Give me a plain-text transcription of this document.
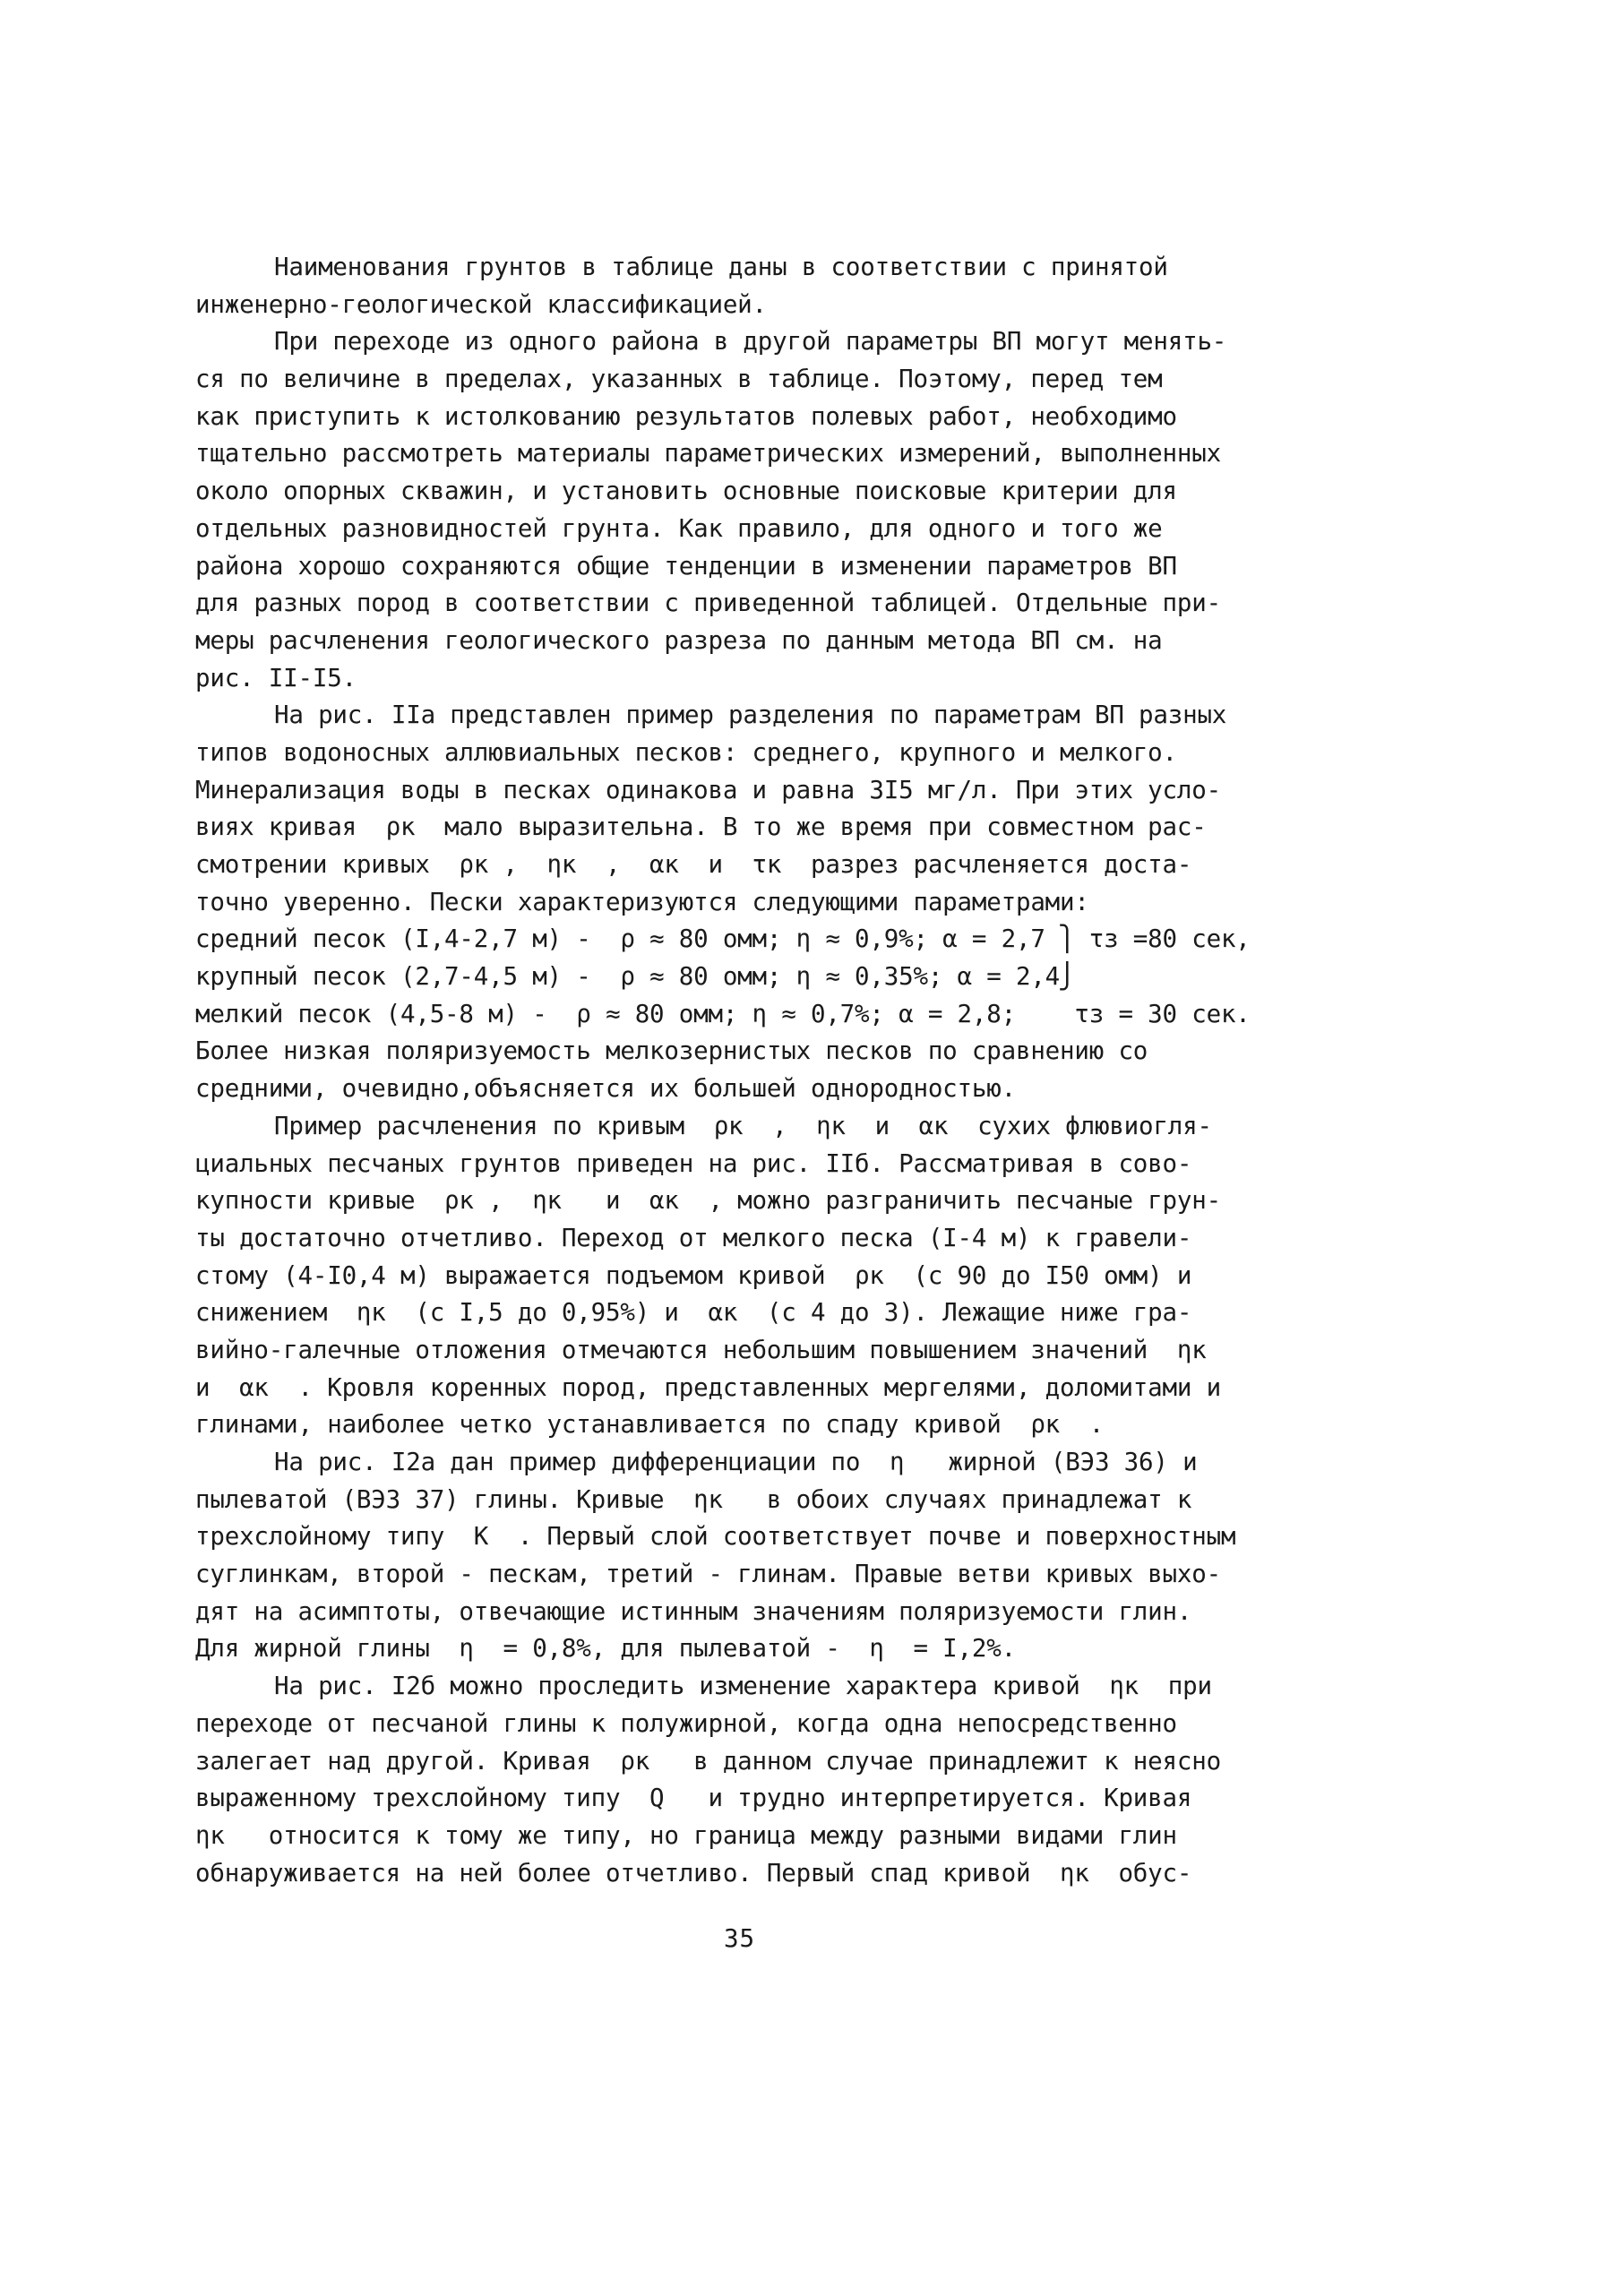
Наименования грунтов в таблице даны в соответствии с принятой
инженерно-геологической классификацией.
При переходе из одного района в другой параметры ВП могут менять-
ся по величине в пределах, указанных в таблице. Поэтому, перед тем
как приступить к истолкованию результатов полевых работ, необходимо
тщательно рассмотреть материалы параметрических измерений, выполненных
около опорных скважин, и установить основные поисковые критерии для
отдельных разновидностей грунта. Как правило, для одного и того же
района хорошо сохраняются общие тенденции в изменении параметров ВП
для разных пород в соответствии с приведенной таблицей. Отдельные при-
меры расчленения геологического разреза по данным метода ВП см. на
рис. II-I5.
На рис. IIа представлен пример разделения по параметрам ВП разных
типов водоносных аллювиальных песков: среднего, крупного и мелкого.
Минерализация воды в песках одинакова и равна 3I5 мг/л. При этих усло-
виях кривая  ρк  мало выразительна. В то же время при совместном рас-
смотрении кривых  ρк ,  ηк  ,  αк  и  τк  разрез расчленяется доста-
точно уверенно. Пески характеризуются следующими параметрами:
средний песок (I,4-2,7 м) -  ρ ≈ 80 омм; η ≈ 0,9%; α = 2,7 ⎫ τз =80 сек,
крупный песок (2,7-4,5 м) -  ρ ≈ 80 омм; η ≈ 0,35%; α = 2,4⎭
мелкий песок (4,5-8 м) -  ρ ≈ 80 омм; η ≈ 0,7%; α = 2,8;    τз = 30 сек.
Более низкая поляризуемость мелкозернистых песков по сравнению со
средними, очевидно,объясняется их большей однородностью.
Пример расчленения по кривым  ρк  ,  ηк  и  αк  сухих флювиогля-
циальных песчаных грунтов приведен на рис. IIб. Рассматривая в сово-
купности кривые  ρк ,  ηк   и  αк  , можно разграничить песчаные грун-
ты достаточно отчетливо. Переход от мелкого песка (I-4 м) к гравели-
стому (4-I0,4 м) выражается подъемом кривой  ρк  (с 90 до I50 омм) и
снижением  ηк  (с I,5 до 0,95%) и  αк  (с 4 до 3). Лежащие ниже гра-
вийно-галечные отложения отмечаются небольшим повышением значений  ηк
и  αк  . Кровля коренных пород, представленных мергелями, доломитами и
глинами, наиболее четко устанавливается по спаду кривой  ρк  .
На рис. I2а дан пример дифференциации по  η   жирной (ВЭЗ 36) и
пылеватой (ВЭЗ 37) глины. Кривые  ηк   в обоих случаях принадлежат к
трехслойному типу  К  . Первый слой соответствует почве и поверхностным
суглинкам, второй - пескам, третий - глинам. Правые ветви кривых выхо-
дят на асимптоты, отвечающие истинным значениям поляризуемости глин.
Для жирной глины  η  = 0,8%, для пылеватой -  η  = I,2%.
На рис. I2б можно проследить изменение характера кривой  ηк  при
переходе от песчаной глины к полужирной, когда одна непосредственно
залегает над другой. Кривая  ρк   в данном случае принадлежит к неясно
выраженному трехслойному типу  Q   и трудно интерпретируется. Кривая
ηк   относится к тому же типу, но граница между разными видами глин
обнаруживается на ней более отчетливо. Первый спад кривой  ηк  обус-
35
